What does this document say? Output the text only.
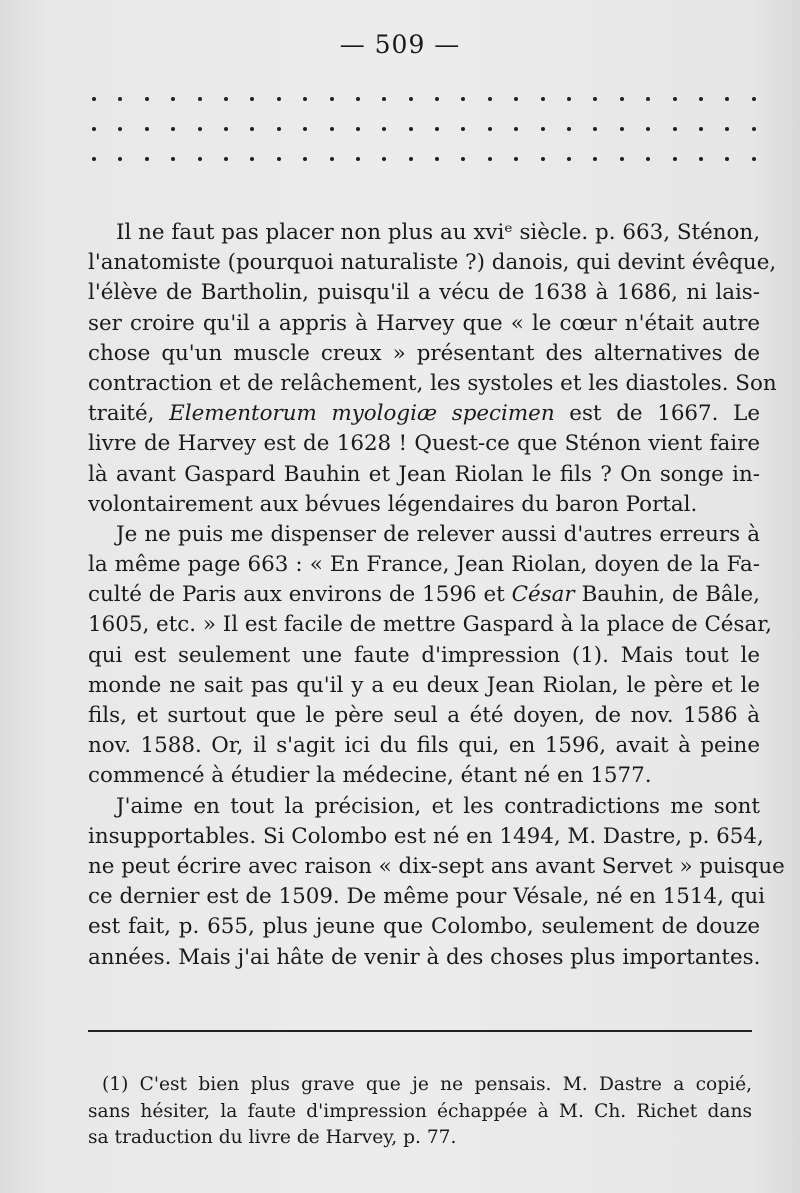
— 509 —
Il ne faut pas placer non plus au xviᵉ siècle. p. 663, Sténon,
l'anatomiste (pourquoi naturaliste ?) danois, qui devint évêque,
l'élève de Bartholin, puisqu'il a vécu de 1638 à 1686, ni lais-
ser croire qu'il a appris à Harvey que « le cœur n'était autre
chose qu'un muscle creux » présentant des alternatives de
contraction et de relâchement, les systoles et les diastoles. Son
traité, Elementorum myologiæ specimen est de 1667. Le
livre de Harvey est de 1628 ! Quest-ce que Sténon vient faire
là avant Gaspard Bauhin et Jean Riolan le fils ? On songe in-
volontairement aux bévues légendaires du baron Portal.
Je ne puis me dispenser de relever aussi d'autres erreurs à
la même page 663 : « En France, Jean Riolan, doyen de la Fa-
culté de Paris aux environs de 1596 et César Bauhin, de Bâle,
1605, etc. » Il est facile de mettre Gaspard à la place de César,
qui est seulement une faute d'impression (1). Mais tout le
monde ne sait pas qu'il y a eu deux Jean Riolan, le père et le
fils, et surtout que le père seul a été doyen, de nov. 1586 à
nov. 1588. Or, il s'agit ici du fils qui, en 1596, avait à peine
commencé à étudier la médecine, étant né en 1577.
J'aime en tout la précision, et les contradictions me sont
insupportables. Si Colombo est né en 1494, M. Dastre, p. 654,
ne peut écrire avec raison « dix-sept ans avant Servet » puisque
ce dernier est de 1509. De même pour Vésale, né en 1514, qui
est fait, p. 655, plus jeune que Colombo, seulement de douze
années. Mais j'ai hâte de venir à des choses plus importantes.
(1) C'est bien plus grave que je ne pensais. M. Dastre a copié,
sans hésiter, la faute d'impression échappée à M. Ch. Richet dans
sa traduction du livre de Harvey, p. 77.
